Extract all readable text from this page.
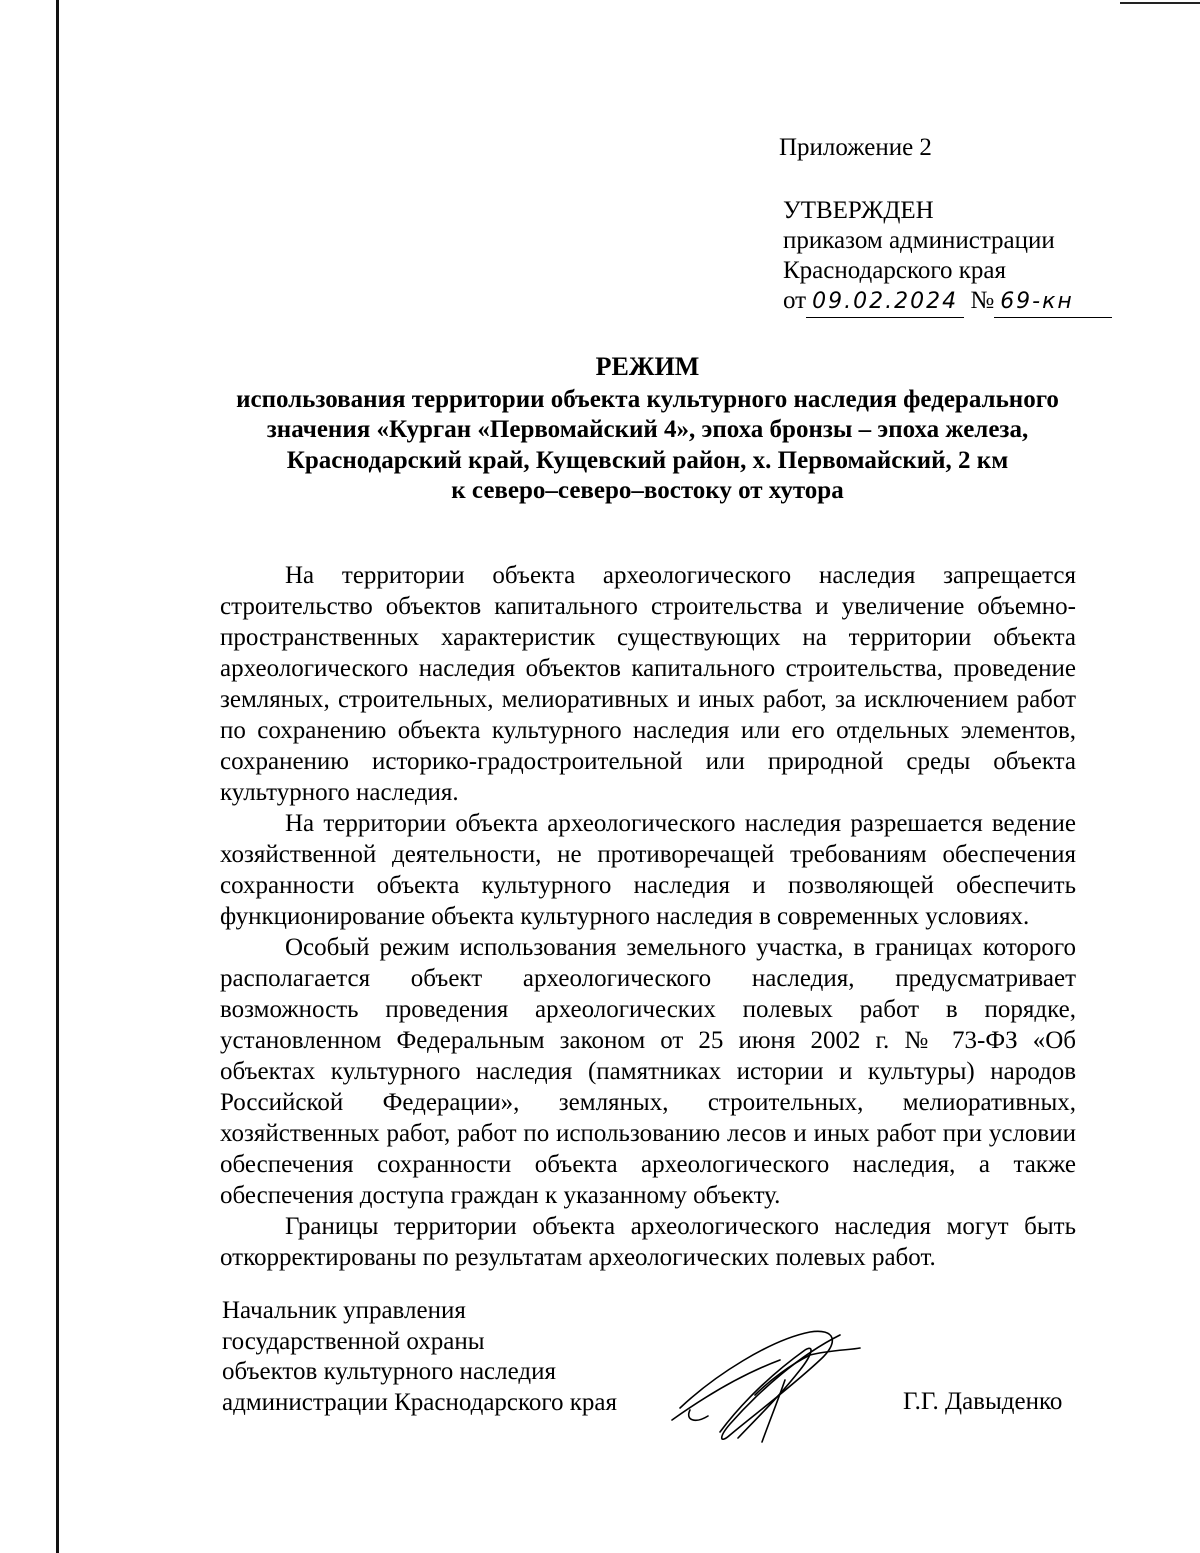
Приложение 2
УТВЕРЖДЕН
приказом администрации
Краснодарского края
от 09.02.2024 № 69-кн
РЕЖИМ
использования территории объекта культурного наследия федерального
значения «Курган «Первомайский 4», эпоха бронзы – эпоха железа,
Краснодарский край, Кущевский район, х. Первомайский, 2 км
к северо–северо–востоку от хутора

На территории объекта археологического наследия запрещается строительство объектов капитального строительства и увеличение объемно-пространственных характеристик существующих на территории объекта археологического наследия объектов капитального строительства, проведение земляных, строительных, мелиоративных и иных работ, за исключением работ по сохранению объекта культурного наследия или его отдельных элементов, сохранению историко-градостроительной или природной среды объекта культурного наследия.

На территории объекта археологического наследия разрешается ведение хозяйственной деятельности, не противоречащей требованиям обеспечения сохранности объекта культурного наследия и позволяющей обеспечить функционирование объекта культурного наследия в современных условиях.

Особый режим использования земельного участка, в границах которого располагается объект археологического наследия, предусматривает возможность проведения археологических полевых работ в порядке, установленном Федеральным законом от 25 июня 2002 г. № 73-ФЗ «Об объектах культурного наследия (памятниках истории и культуры) народов Российской Федерации», земляных, строительных, мелиоративных, хозяйственных работ, работ по использованию лесов и иных работ при условии обеспечения сохранности объекта археологического наследия, а также обеспечения доступа граждан к указанному объекту.

Границы территории объекта археологического наследия могут быть откорректированы по результатам археологических полевых работ.

Начальник управления
государственной охраны
объектов культурного наследия
администрации Краснодарского края	Г.Г. Давыденко
